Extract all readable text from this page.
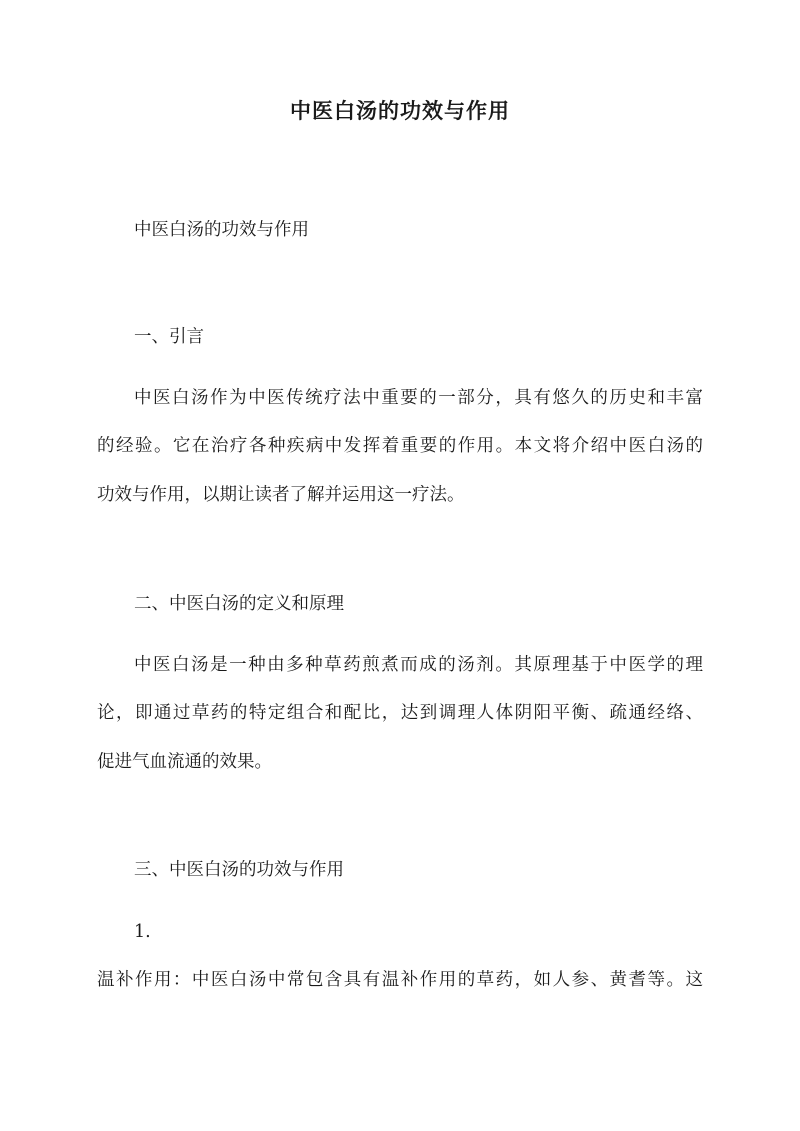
中医白汤的功效与作用
中医白汤的功效与作用
一、引言
中医白汤作为中医传统疗法中重要的一部分，具有悠久的历史和丰富
的经验。它在治疗各种疾病中发挥着重要的作用。本文将介绍中医白汤的
功效与作用，以期让读者了解并运用这一疗法。
二、中医白汤的定义和原理
中医白汤是一种由多种草药煎煮而成的汤剂。其原理基于中医学的理
论，即通过草药的特定组合和配比，达到调理人体阴阳平衡、疏通经络、
促进气血流通的效果。
三、中医白汤的功效与作用
1.
温补作用：中医白汤中常包含具有温补作用的草药，如人参、黄耆等。这
